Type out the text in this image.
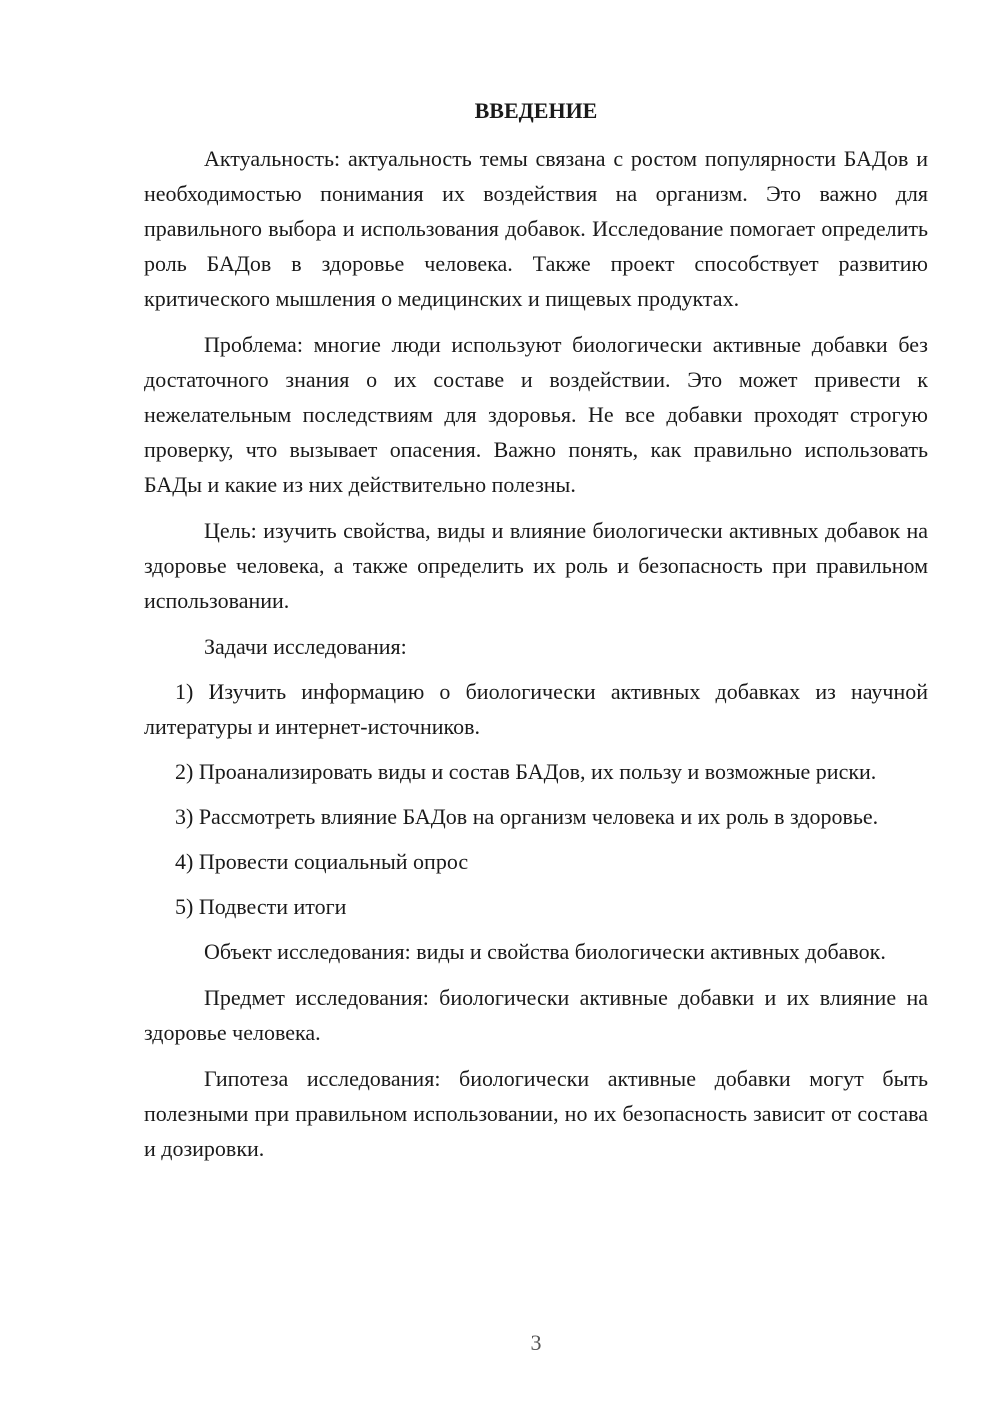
ВВЕДЕНИЕ

Актуальность: актуальность темы связана с ростом популярности БАДов и необходимостью понимания их воздействия на организм. Это важно для правильного выбора и использования добавок. Исследование помогает определить роль БАДов в здоровье человека. Также проект способствует развитию критического мышления о медицинских и пищевых продуктах.

Проблема: многие люди используют биологически активные добавки без достаточного знания о их составе и воздействии. Это может привести к нежелательным последствиям для здоровья. Не все добавки проходят строгую проверку, что вызывает опасения. Важно понять, как правильно использовать БАДы и какие из них действительно полезны.

Цель: изучить свойства, виды и влияние биологически активных добавок на здоровье человека, а также определить их роль и безопасность при правильном использовании.

Задачи исследования:

1) Изучить информацию о биологически активных добавках из научной литературы и интернет-источников.

2) Проанализировать виды и состав БАДов, их пользу и возможные риски.

3) Рассмотреть влияние БАДов на организм человека и их роль в здоровье.

4) Провести социальный опрос

5) Подвести итоги

Объект исследования: виды и свойства биологически активных добавок.

Предмет исследования: биологически активные добавки и их влияние на здоровье человека.

Гипотеза исследования: биологически активные добавки могут быть полезными при правильном использовании, но их безопасность зависит от состава и дозировки.

3
